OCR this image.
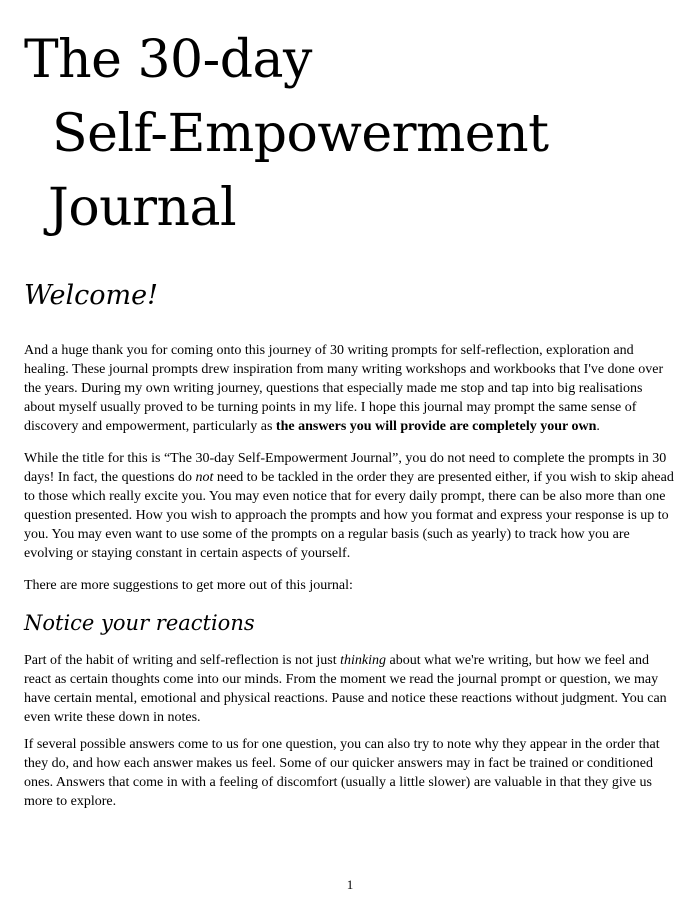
The 30-day
Self-Empowerment
Journal
Welcome!

And a huge thank you for coming onto this journey of 30 writing prompts for self-reflection, exploration and healing. These journal prompts drew inspiration from many writing workshops and workbooks that I've done over the years. During my own writing journey, questions that especially made me stop and tap into big realisations about myself usually proved to be turning points in my life. I hope this journal may prompt the same sense of discovery and empowerment, particularly as the answers you will provide are completely your own.

While the title for this is “The 30-day Self-Empowerment Journal”, you do not need to complete the prompts in 30 days! In fact, the questions do not need to be tackled in the order they are presented either, if you wish to skip ahead to those which really excite you. You may even notice that for every daily prompt, there can be also more than one question presented. How you wish to approach the prompts and how you format and express your response is up to you. You may even want to use some of the prompts on a regular basis (such as yearly) to track how you are evolving or staying constant in certain aspects of yourself.

There are more suggestions to get more out of this journal:

Notice your reactions

Part of the habit of writing and self-reflection is not just thinking about what we're writing, but how we feel and react as certain thoughts come into our minds. From the moment we read the journal prompt or question, we may have certain mental, emotional and physical reactions. Pause and notice these reactions without judgment. You can even write these down in notes.

If several possible answers come to us for one question, you can also try to note why they appear in the order that they do, and how each answer makes us feel. Some of our quicker answers may in fact be trained or conditioned ones. Answers that come in with a feeling of discomfort (usually a little slower) are valuable in that they give us more to explore.

1
